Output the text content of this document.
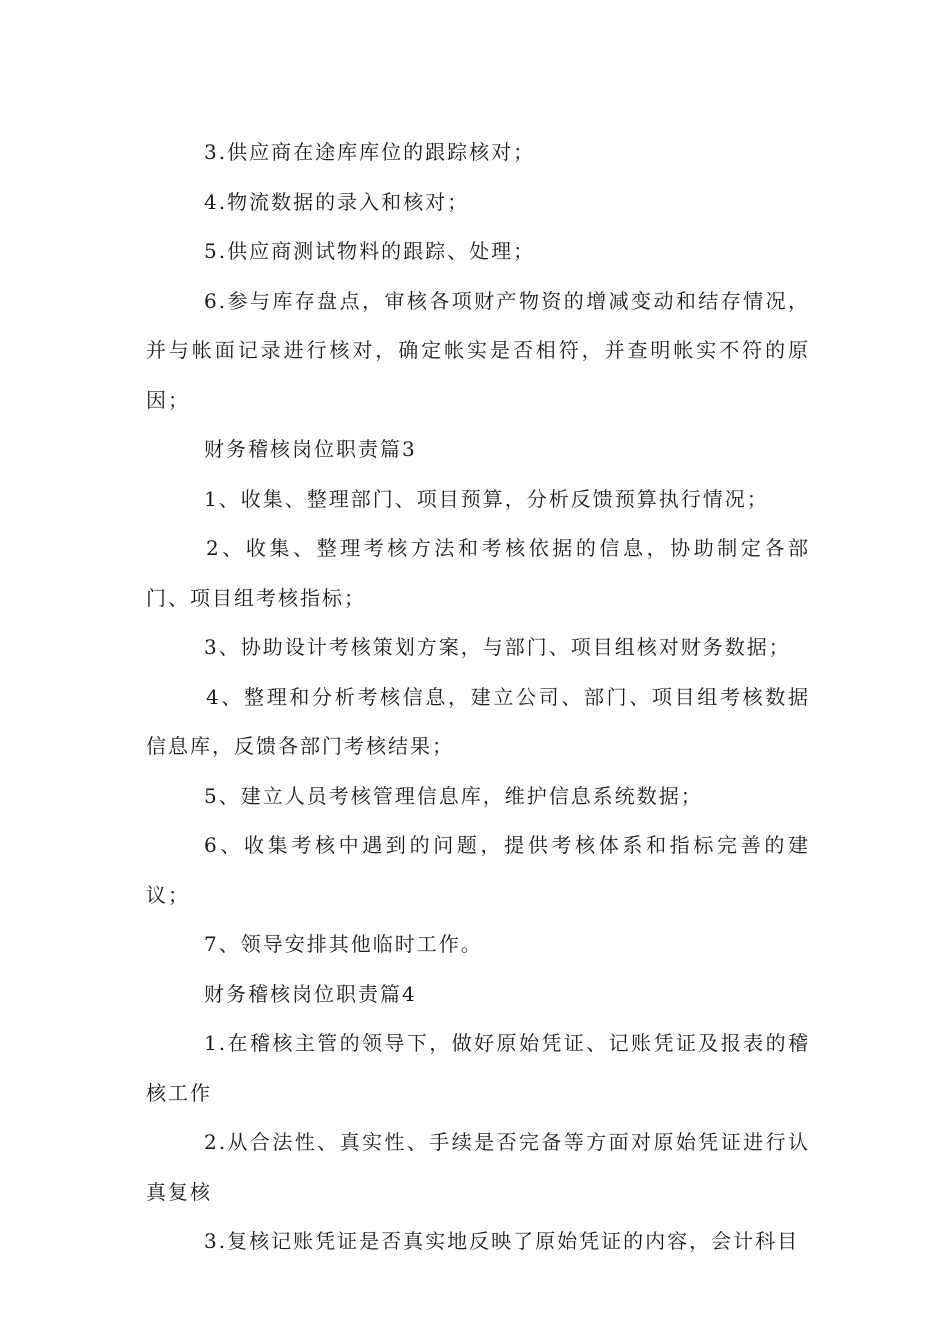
3.供应商在途库库位的跟踪核对；

4.物流数据的录入和核对；

5.供应商测试物料的跟踪、处理；

6.参与库存盘点，审核各项财产物资的增减变动和结存情况，并与帐面记录进行核对，确定帐实是否相符，并查明帐实不符的原因；

财务稽核岗位职责篇3

1、收集、整理部门、项目预算，分析反馈预算执行情况；

2、收集、整理考核方法和考核依据的信息，协助制定各部门、项目组考核指标；

3、协助设计考核策划方案，与部门、项目组核对财务数据；

4、整理和分析考核信息，建立公司、部门、项目组考核数据信息库，反馈各部门考核结果；

5、建立人员考核管理信息库，维护信息系统数据；

6、收集考核中遇到的问题，提供考核体系和指标完善的建议；

7、领导安排其他临时工作。

财务稽核岗位职责篇4

1.在稽核主管的领导下，做好原始凭证、记账凭证及报表的稽核工作

2.从合法性、真实性、手续是否完备等方面对原始凭证进行认真复核

3.复核记账凭证是否真实地反映了原始凭证的内容，会计科目
